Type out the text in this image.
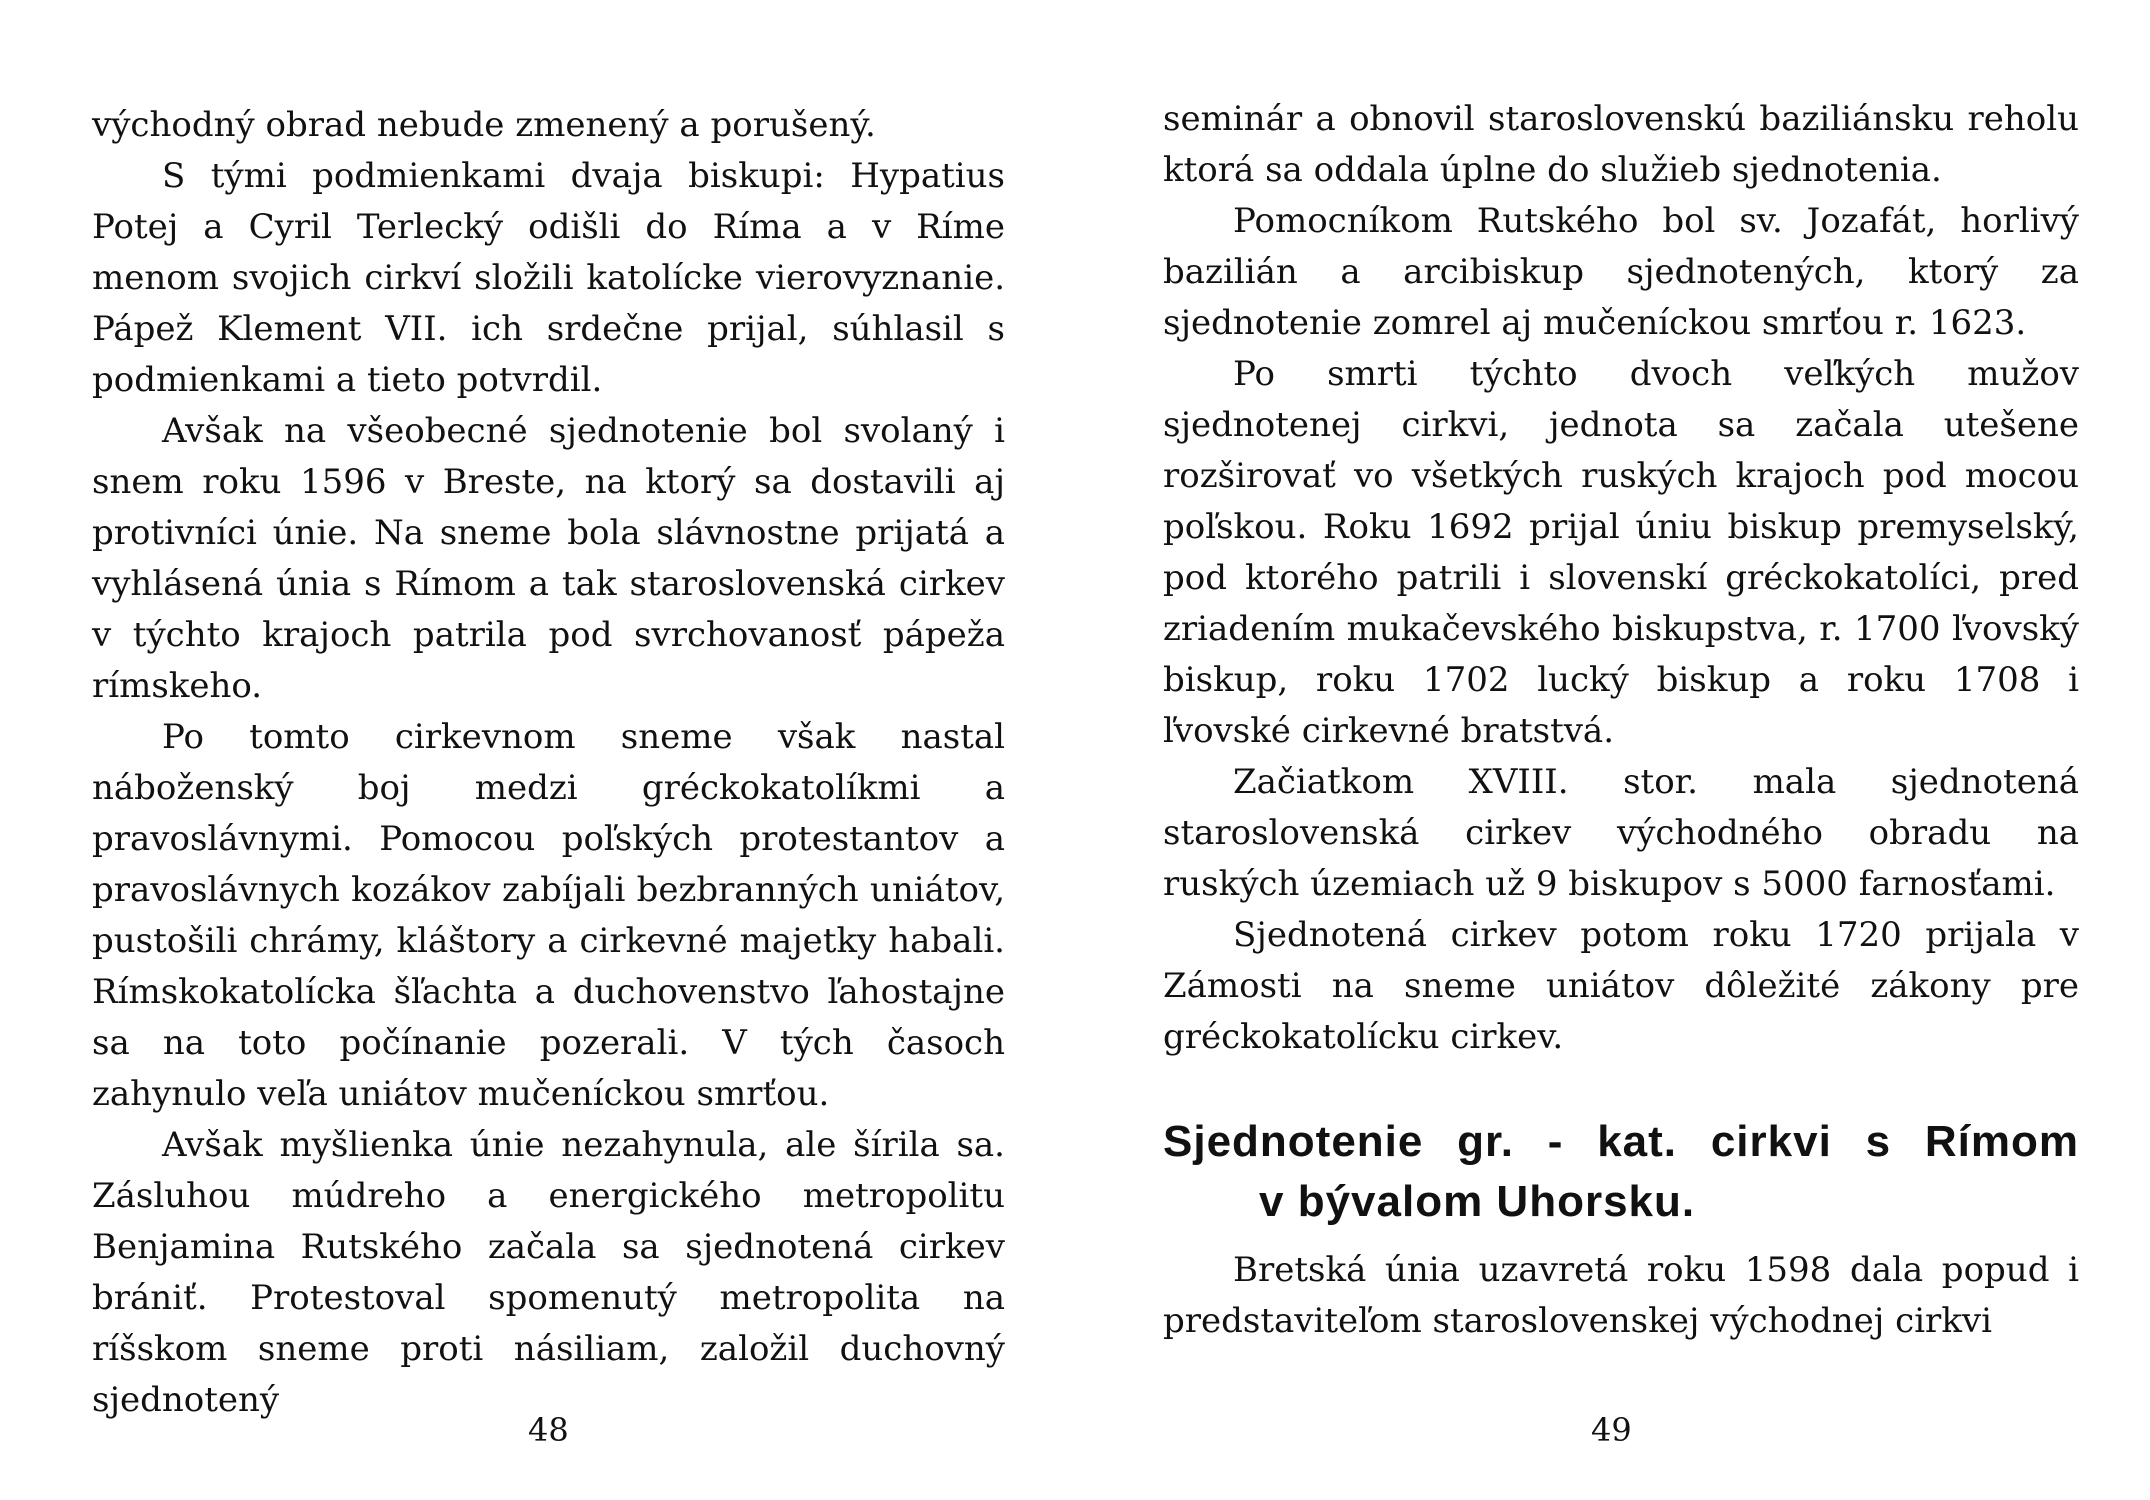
východný obrad nebude zmenený a porušený.

S tými podmienkami dvaja biskupi: Hypatius Potej a Cyril Terlecký odišli do Ríma a v Ríme menom svojich cirkví složili katolícke vierovyznanie. Pápež Klement VII. ich srdečne prijal, súhlasil s podmienkami a tieto potvrdil.

Avšak na všeobecné sjednotenie bol svolaný i snem roku 1596 v Breste, na ktorý sa dostavili aj protivníci únie. Na sneme bola slávnostne prijatá a vyhlásená únia s Rímom a tak staroslovenská cirkev v týchto krajoch patrila pod svrchovanosť pápeža rímskeho.

Po tomto cirkevnom sneme však nastal náboženský boj medzi gréckokatolíkmi a pravoslávnymi. Pomocou poľských protestantov a pravoslávnych kozákov zabíjali bezbranných uniátov, pustošili chrámy, kláštory a cirkevné majetky habali. Rímskokatolícka šľachta a duchovenstvo ľahostajne sa na toto počínanie pozerali. V tých časoch zahynulo veľa uniátov mučeníckou smrťou.

Avšak myšlienka únie nezahynula, ale šírila sa. Zásluhou múdreho a energického metropolitu Benjamina Rutského začala sa sjednotená cirkev brániť. Protestoval spomenutý metropolita na ríšskom sneme proti násiliam, založil duchovný sjednotený

48

seminár a obnovil staroslovenskú baziliánsku reholu ktorá sa oddala úplne do služieb sjednotenia.

Pomocníkom Rutského bol sv. Jozafát, horlivý bazilián a arcibiskup sjednotených, ktorý za sjednotenie zomrel aj mučeníckou smrťou r. 1623.

Po smrti týchto dvoch veľkých mužov sjednotenej cirkvi, jednota sa začala utešene rozširovať vo všetkých ruských krajoch pod mocou poľskou. Roku 1692 prijal úniu biskup premyselský, pod ktorého patrili i slovenskí gréckokatolíci, pred zriadením mukačevského biskupstva, r. 1700 ľvovský biskup, roku 1702 lucký biskup a roku 1708 i ľvovské cirkevné bratstvá.

Začiatkom XVIII. stor. mala sjednotená staroslovenská cirkev východného obradu na ruských územiach už 9 biskupov s 5000 farnosťami.

Sjednotená cirkev potom roku 1720 prijala v Zámosti na sneme uniátov dôležité zákony pre gréckokatolícku cirkev.

Sjednotenie gr. - kat. cirkvi s Rímom
v bývalom Uhorsku.

Bretská únia uzavretá roku 1598 dala popud i predstaviteľom staroslovenskej východnej cirkvi

49
